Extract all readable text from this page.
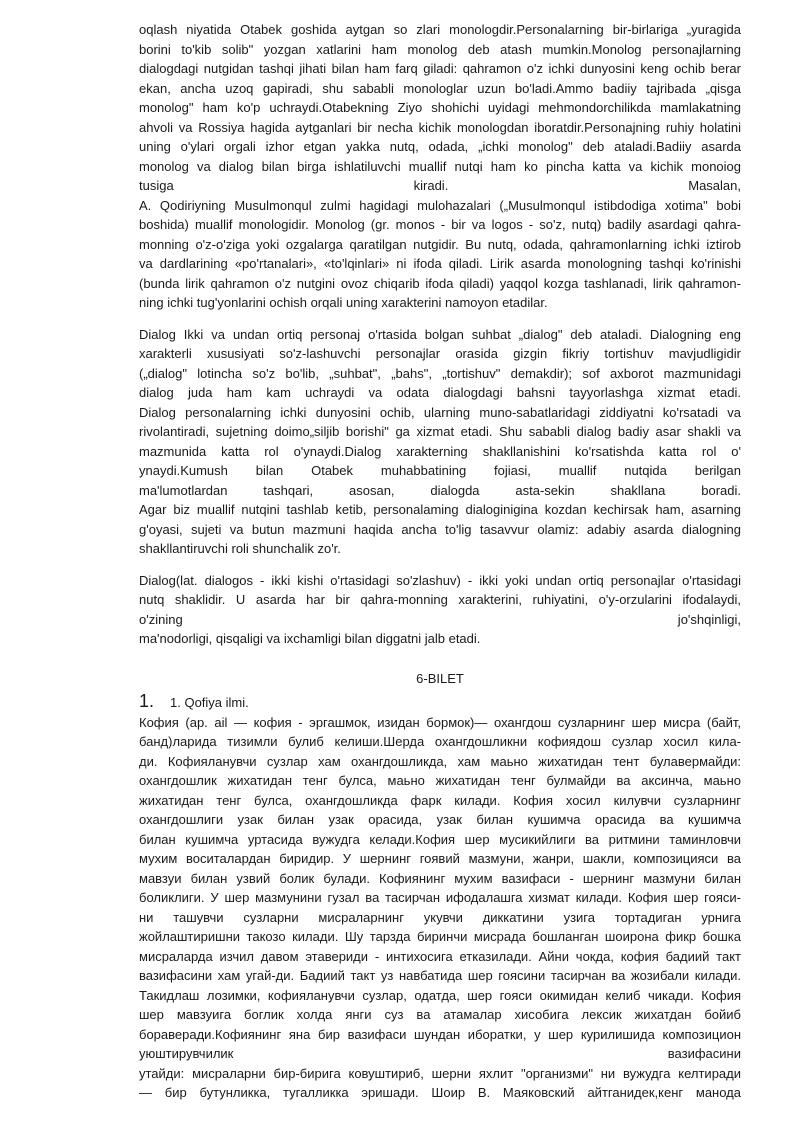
oqlash niyatida Otabek goshida aytgan so zlari monologdir.Personalarning bir-birlariga „yuragida
borini to'kib solib" yozgan xatlarini ham monolog deb atash mumkin.Monolog personajlarning
dialogdagi nutgidan tashqi jihati bilan ham farq giladi: qahramon o'z ichki dunyosini keng ochib berar
ekan, ancha uzoq gapiradi, shu sababli monologlar uzun bo'ladi.Ammo badiiy tajribada „qisga
monolog" ham ko'p uchraydi.Otabekning Ziyo shohichi uyidagi mehmondorchilikda mamlakatning
ahvoli va Rossiya hagida aytganlari bir necha kichik monologdan iboratdir.Personajning ruhiy holatini
uning o'ylari orgali izhor etgan yakka nutq, odada, „ichki monolog" deb ataladi.Badiiy asarda
monolog va dialog bilan birga ishlatiluvchi muallif nutqi ham ko pincha katta va kichik monoiog
tusiga kiradi. Masalan,
A. Qodiriyning Musulmonqul zulmi hagidagi mulohazalari („Musulmonqul istibdodiga xotima" bobi
boshida) muallif monologidir. Monolog (gr. monos - bir va logos - so'z, nutq) badily asardagi qahra-
monning o'z-o'ziga yoki ozgalarga qaratilgan nutgidir. Bu nutq, odada, qahramonlarning ichki iztirob
va dardlarining «po'rtanalari», «to'lqinlari» ni ifoda qiladi. Lirik asarda monologning tashqi ko'rinishi
(bunda lirik qahramon o'z nutgini ovoz chiqarib ifoda qiladi) yaqqol kozga tashlanadi, lirik qahramon-
ning ichki tug'yonlarini ochish orqali uning xarakterini namoyon etadilar.
Dialog Ikki va undan ortiq personaj o'rtasida bolgan suhbat „dialog" deb ataladi. Dialogning eng
xarakterli xususiyati so'z-lashuvchi personajlar orasida gizgin fikriy tortishuv mavjudligidir
(„dialog" lotincha so'z bo'lib, „suhbat", „bahs", „tortishuv" demakdir); sof axborot mazmunidagi
dialog juda ham kam uchraydi va odata dialogdagi bahsni tayyorlashga xizmat etadi.
Dialog personalarning ichki dunyosini ochib, ularning muno-sabatlaridagi ziddiyatni ko'rsatadi va
rivolantiradi, sujetning doimo„siljib borishi" ga xizmat etadi. Shu sababli dialog badiy asar shakli va
mazmunida katta rol o'ynaydi.Dialog xarakterning shakllanishini ko'rsatishda katta rol o'
ynaydi.Kumush bilan Otabek muhabbatining fojiasi, muallif nutqida berilgan
ma'lumotlardan tashqari, asosan, dialogda asta-sekin shakllana boradi.
Agar biz muallif nutqini tashlab ketib, personalaming dialoginigina kozdan kechirsak ham, asarning
g'oyasi, sujeti va butun mazmuni haqida ancha to'lig tasavvur olamiz: adabiy asarda dialogning
shakllantiruvchi roli shunchalik zo'r.
Dialog(lat. dialogos - ikki kishi o'rtasidagi so'zlashuv) - ikki yoki undan ortiq personajlar o'rtasidagi
nutq shaklidir. U asarda har bir qahra-monning xarakterini, ruhiyatini, o'y-orzularini ifodalaydi,
o'zining jo'shqinligi,
ma'nodorligi, qisqaligi va ixchamligi bilan diggatni jalb etadi.
6-BILET
1. 1. Qofiya ilmi.
Кофия (ар. аil — кофия - эргашмок, изидан бормок)— охангдош сузларнинг шер мисра (байт,
банд)ларида тизимли булиб келиши.Шерда охангдошликни кофиядош сузлар хосил кила-
ди. Кофияланувчи сузлар хам охангдошликда, хам маьно жихатидан тент булавермайди:
охангдошлик жихатидан тенг булса, маьно жихатидан тенг булмайди ва аксинча, маьно
жихатидан тенг булса, охангдошликда фарк килади. Кофия хосил килувчи сузларнинг
охангдошлиги узак билан узак орасида, узак билан кушимча орасида ва кушимча
билан кушимча уртасида вужудга келади.Кофия шер мусикийлиги ва ритмини таминловчи
мухим воситалардан биридир. У шернинг гоявий мазмуни, жанри, шакли, композицияси ва
мавзуи билан узвий болик булади. Кофиянинг мухим вазифаси - шернинг мазмуни билан
боликлиги. У шер мазмунини гузал ва тасирчан ифодалашга хизмат килади. Кофия шер гояси-
ни ташувчи сузларни мисраларнинг укувчи диккатини узига тортадиган урнига
жойлаштиришни такозо килади. Шу тарзда биринчи мисрада бошланган шоирона фикр бошка
мисраларда изчил давом этавериди - интихосига етказилади. Айни чокда, кофия бадиий такт
вазифасини хам угай-ди. Бадиий такт уз навбатида шер гоясини тасирчан ва жозибали килади.
Такидлаш лозимки, кофияланувчи сузлар, одатда, шер гояси окимидан келиб чикади. Кофия
шер мавзуига боглик холда янги суз ва атамалар хисобига лексик жихатдан бойиб
бораверади.Кофиянинг яна бир вазифаси шундан иборатки, у шер курилишида композицион
уюштирувчилик вазифасини
утайди: мисраларни бир-бирига ковуштириб, шерни яхлит "организми" ни вужудга келтиради
— бир бутунликка, тугалликка эришади. Шоир В. Маяковский айтганидек,кенг манода
